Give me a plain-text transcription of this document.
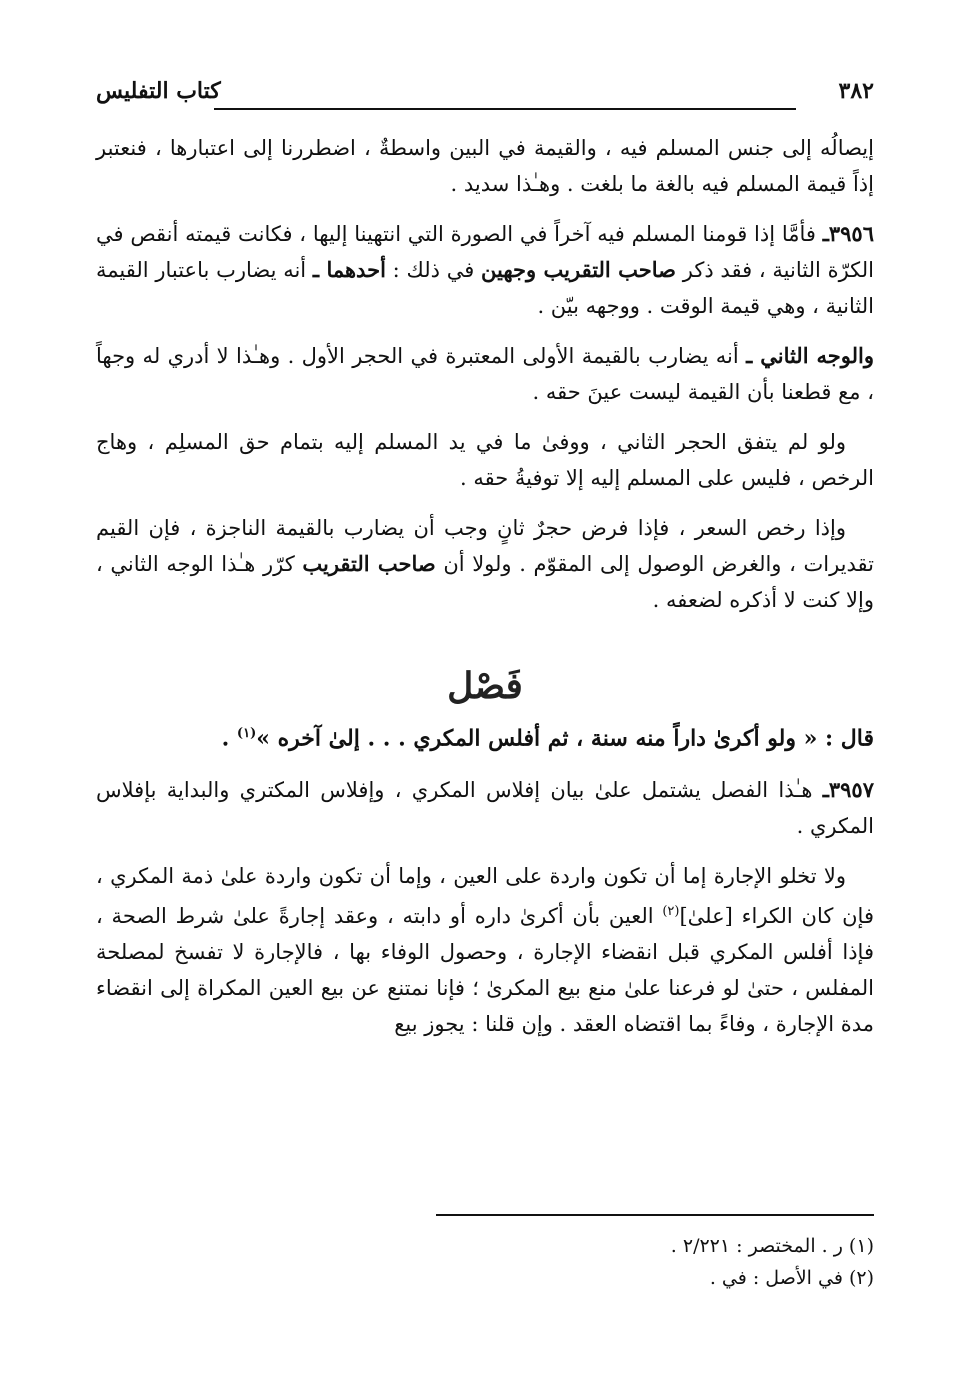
٣٨٢
كتاب التفليس

إيصالُه إلى جنس المسلم فيه ، والقيمة في البين واسطةٌ ، اضطررنا إلى اعتبارها ، فنعتبر إذاً قيمة المسلم فيه بالغة ما بلغت . وهـٰذا سديد .

٣٩٥٦ـ فأمَّا إذا قومنا المسلم فيه آخراً في الصورة التي انتهينا إليها ، فكانت قيمته أنقص في الكرّة الثانية ، فقد ذكر صاحب التقريب وجهين في ذلك : أحدهما ـ أنه يضارب باعتبار القيمة الثانية ، وهي قيمة الوقت . ووجهه بيّن .

والوجه الثاني ـ أنه يضارب بالقيمة الأولى المعتبرة في الحجر الأول . وهـٰذا لا أدري له وجهاً ، مع قطعنا بأن القيمة ليست عينَ حقه .

ولو لم يتفق الحجر الثاني ، ووفىٰ ما في يد المسلم إليه بتمام حق المسلِم ، وهاج الرخص ، فليس على المسلم إليه إلا توفيةُ حقه .

وإذا رخص السعر ، فإذا فرض حجرٌ ثانٍ وجب أن يضارب بالقيمة الناجزة ، فإن القيم تقديرات ، والغرض الوصول إلى المقوّم . ولولا أن صاحب التقريب كرّر هـٰذا الوجه الثاني ، وإلا كنت لا أذكره لضعفه .

فَصْل

قال : « ولو أكرىٰ داراً منه سنة ، ثم أفلس المكري . . . إلىٰ آخره »$^{(١)}$ .

٣٩٥٧ـ هـٰذا الفصل يشتمل علىٰ بيان إفلاس المكري ، وإفلاس المكتري والبداية بإفلاس المكري .

ولا تخلو الإجارة إما أن تكون واردة على العين ، وإما أن تكون واردة علىٰ ذمة المكري ، فإن كان الكراء [علىٰ]$^{(٢)}$ العين بأن أكرىٰ داره أو دابته ، وعقد إجارةً علىٰ شرط الصحة ، فإذا أفلس المكري قبل انقضاء الإجارة ، وحصول الوفاء بها ، فالإجارة لا تفسخ لمصلحة المفلس ، حتىٰ لو فرعنا علىٰ منع بيع المكرىٰ ؛ فإنا نمتنع عن بيع العين المكراة إلى انقضاء مدة الإجارة ، وفاءً بما اقتضاه العقد . وإن قلنا : يجوز بيع

(١) ر . المختصر : ٢/٢٢١ .
(٢) في الأصل : في .
